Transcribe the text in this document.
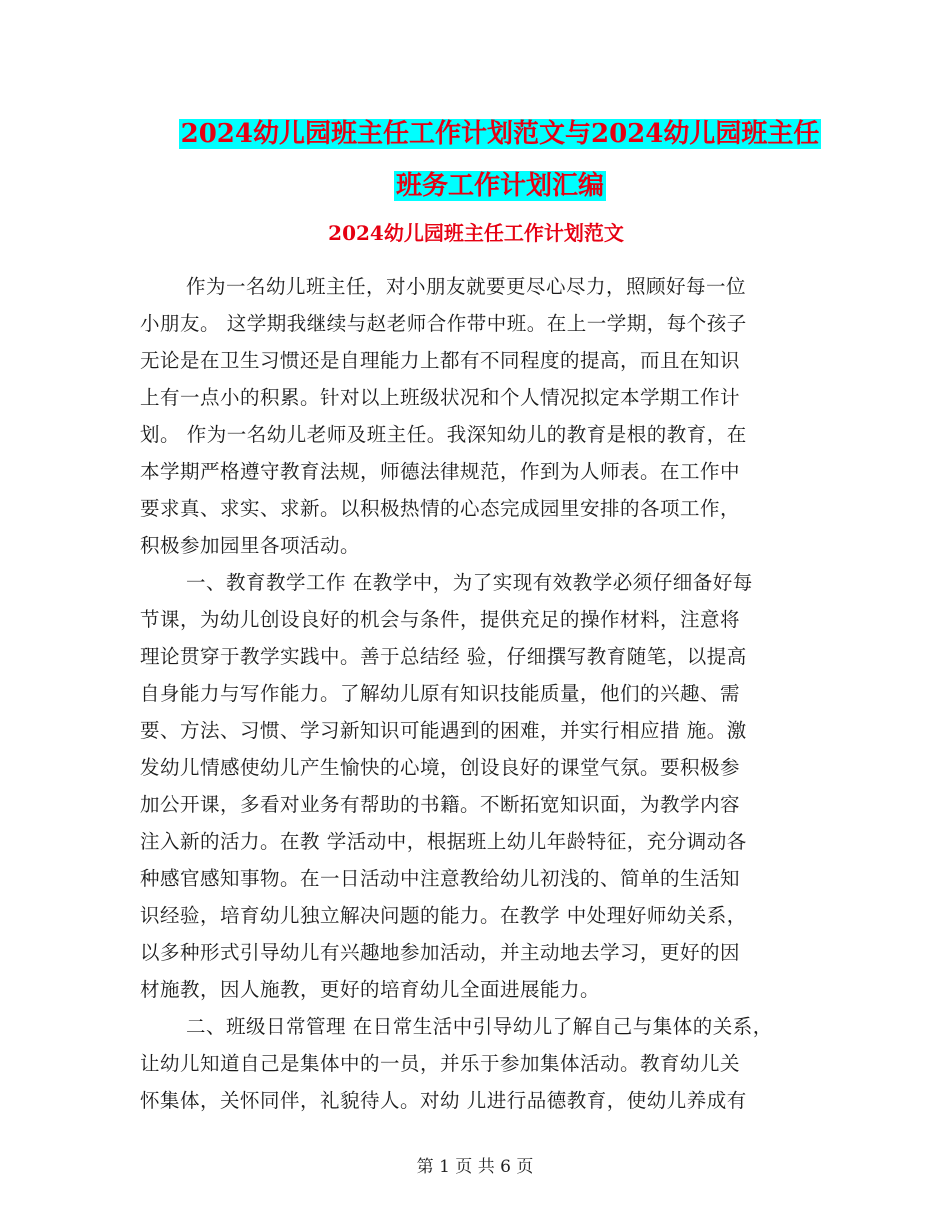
2024幼儿园班主任工作计划范文与2024幼儿园班主任
班务工作计划汇编
2024幼儿园班主任工作计划范文

作为一名幼儿班主任，对小朋友就要更尽心尽力，照顾好每一位
小朋友。 这学期我继续与赵老师合作带中班。在上一学期，每个孩子
无论是在卫生习惯还是自理能力上都有不同程度的提高，而且在知识
上有一点小的积累。针对以上班级状况和个人情况拟定本学期工作计
划。 作为一名幼儿老师及班主任。我深知幼儿的教育是根的教育，在
本学期严格遵守教育法规，师德法律规范，作到为人师表。在工作中
要求真、求实、求新。以积极热情的心态完成园里安排的各项工作，
积极参加园里各项活动。

一、教育教学工作 在教学中，为了实现有效教学必须仔细备好每
节课，为幼儿创设良好的机会与条件，提供充足的操作材料，注意将
理论贯穿于教学实践中。善于总结经 验，仔细撰写教育随笔，以提高
自身能力与写作能力。了解幼儿原有知识技能质量，他们的兴趣、需
要、方法、习惯、学习新知识可能遇到的困难，并实行相应措 施。激
发幼儿情感使幼儿产生愉快的心境，创设良好的课堂气氛。要积极参
加公开课，多看对业务有帮助的书籍。不断拓宽知识面，为教学内容
注入新的活力。在教 学活动中，根据班上幼儿年龄特征，充分调动各
种感官感知事物。在一日活动中注意教给幼儿初浅的、简单的生活知
识经验，培育幼儿独立解决问题的能力。在教学 中处理好师幼关系，
以多种形式引导幼儿有兴趣地参加活动，并主动地去学习，更好的因
材施教，因人施教，更好的培育幼儿全面进展能力。

二、班级日常管理 在日常生活中引导幼儿了解自己与集体的关系，
让幼儿知道自己是集体中的一员，并乐于参加集体活动。教育幼儿关
怀集体，关怀同伴，礼貌待人。对幼 儿进行品德教育，使幼儿养成有

第 1 页 共 6 页
